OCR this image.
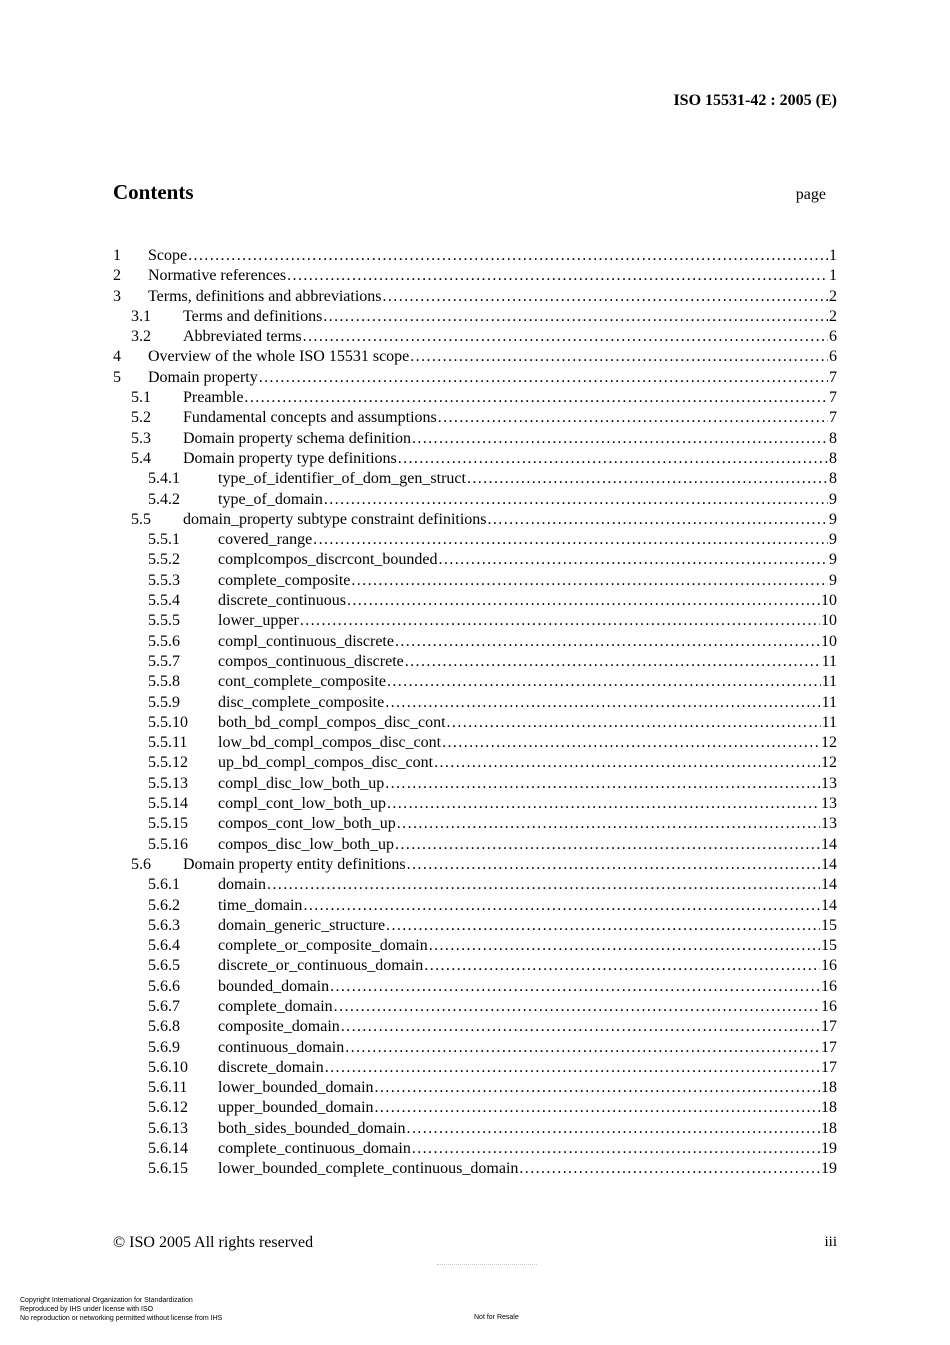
ISO 15531-42 : 2005 (E)
Contents	page
1	Scope . . .	1
2	Normative references . . .	1
3	Terms, definitions and abbreviations . . .	2
3.1	Terms and definitions . . .	2
3.2	Abbreviated terms . . .	6
4	Overview of the whole ISO 15531 scope . . .	6
5	Domain property . . .	7
5.1	Preamble . . .	7
5.2	Fundamental concepts and assumptions . . .	7
5.3	Domain property schema definition . . .	8
5.4	Domain property type definitions . . .	8
5.4.1	type_of_identifier_of_dom_gen_struct . . .	8
5.4.2	type_of_domain . . .	9
5.5	domain_property subtype constraint definitions . . .	9
5.5.1	covered_range . . .	9
5.5.2	complcompos_discrcont_bounded . . .	9
5.5.3	complete_composite . . .	9
5.5.4	discrete_continuous . . .	10
5.5.5	lower_upper . . .	10
5.5.6	compl_continuous_discrete . . .	10
5.5.7	compos_continuous_discrete . . .	11
5.5.8	cont_complete_composite . . .	11
5.5.9	disc_complete_composite . . .	11
5.5.10	both_bd_compl_compos_disc_cont . . .	11
5.5.11	low_bd_compl_compos_disc_cont . . .	12
5.5.12	up_bd_compl_compos_disc_cont . . .	12
5.5.13	compl_disc_low_both_up . . .	13
5.5.14	compl_cont_low_both_up . . .	13
5.5.15	compos_cont_low_both_up . . .	13
5.5.16	compos_disc_low_both_up . . .	14
5.6	Domain property entity definitions . . .	14
5.6.1	domain . . .	14
5.6.2	time_domain . . .	14
5.6.3	domain_generic_structure . . .	15
5.6.4	complete_or_composite_domain . . .	15
5.6.5	discrete_or_continuous_domain . . .	16
5.6.6	bounded_domain . . .	16
5.6.7	complete_domain . . .	16
5.6.8	composite_domain . . .	17
5.6.9	continuous_domain . . .	17
5.6.10	discrete_domain . . .	17
5.6.11	lower_bounded_domain . . .	18
5.6.12	upper_bounded_domain . . .	18
5.6.13	both_sides_bounded_domain . . .	18
5.6.14	complete_continuous_domain . . .	19
5.6.15	lower_bounded_complete_continuous_domain . . .	19
© ISO 2005 All rights reserved	iii
Copyright International Organization for Standardization
Reproduced by IHS under license with ISO
No reproduction or networking permitted without license from IHS	Not for Resale
